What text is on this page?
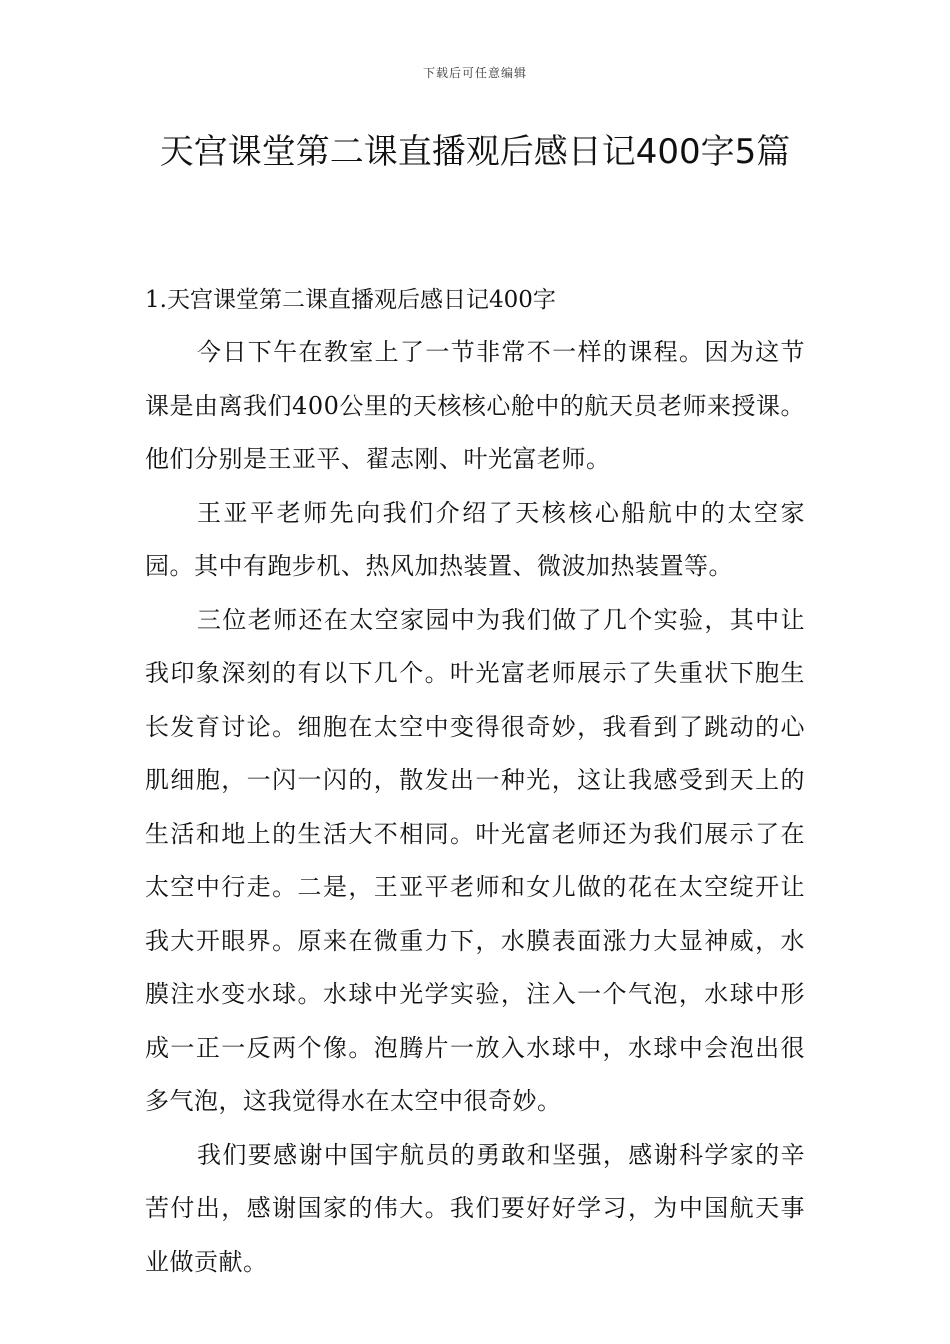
下载后可任意编辑
天宫课堂第二课直播观后感日记400字5篇

1.天宫课堂第二课直播观后感日记400字

今日下午在教室上了一节非常不一样的课程。因为这节课是由离我们400公里的天核核心舱中的航天员老师来授课。他们分别是王亚平、翟志刚、叶光富老师。

王亚平老师先向我们介绍了天核核心船航中的太空家园。其中有跑步机、热风加热装置、微波加热装置等。

三位老师还在太空家园中为我们做了几个实验，其中让我印象深刻的有以下几个。叶光富老师展示了失重状下胞生长发育讨论。细胞在太空中变得很奇妙，我看到了跳动的心肌细胞，一闪一闪的，散发出一种光，这让我感受到天上的生活和地上的生活大不相同。叶光富老师还为我们展示了在太空中行走。二是，王亚平老师和女儿做的花在太空绽开让我大开眼界。原来在微重力下，水膜表面涨力大显神威，水膜注水变水球。水球中光学实验，注入一个气泡，水球中形成一正一反两个像。泡腾片一放入水球中，水球中会泡出很多气泡，这我觉得水在太空中很奇妙。

我们要感谢中国宇航员的勇敢和坚强，感谢科学家的辛苦付出，感谢国家的伟大。我们要好好学习，为中国航天事业做贡献。
